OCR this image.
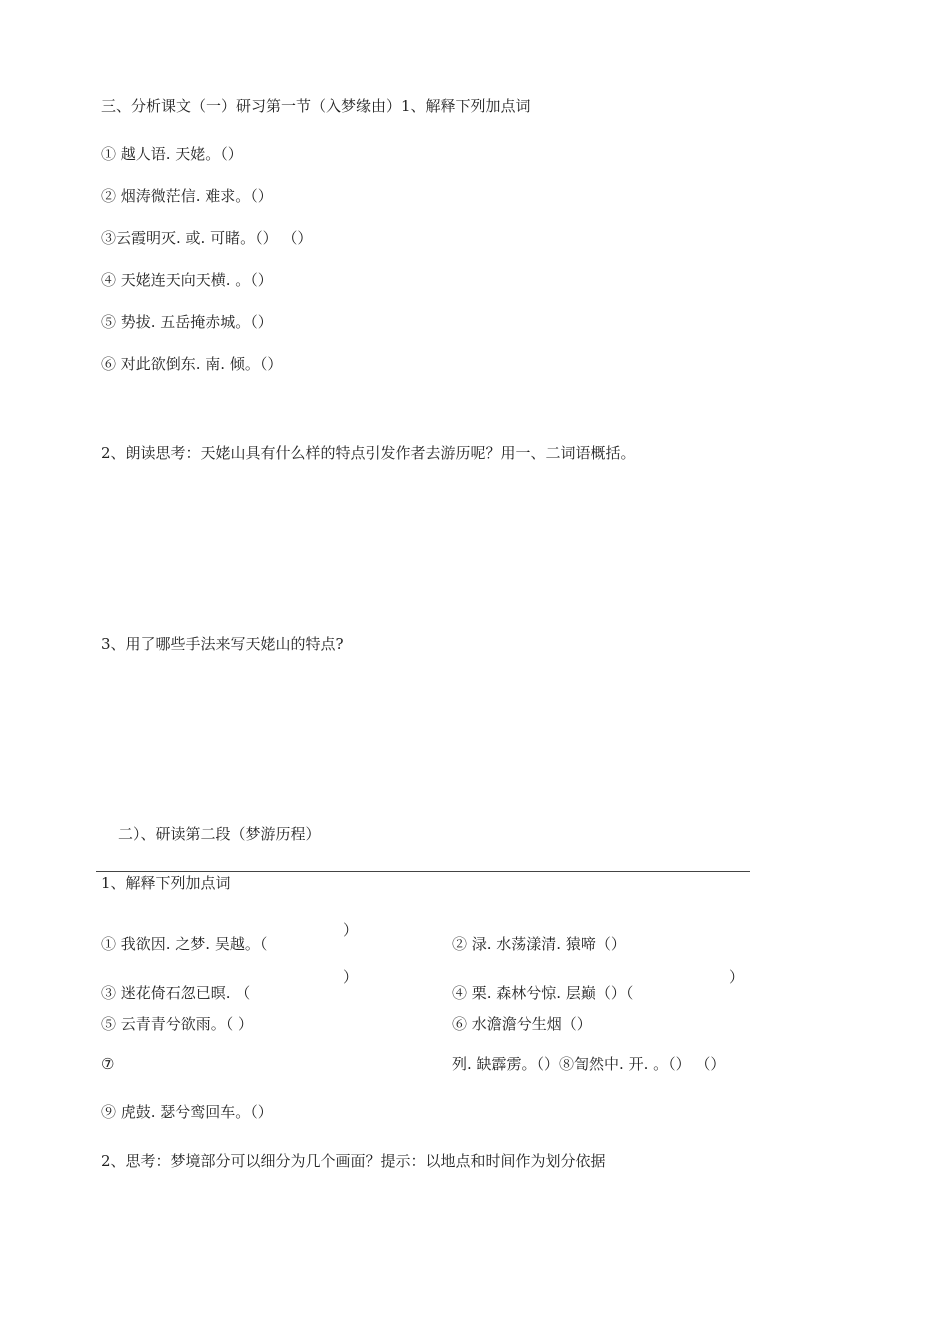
三、分析课文（一）研习第一节（入梦缘由）1、解释下列加点词
① 越人语. 天姥。（）
② 烟涛微茫信. 难求。（）
③云霞明灭. 或. 可睹。（） （）
④ 天姥连天向天横. 。（）
⑤ 势拔. 五岳掩赤城。（）
⑥ 对此欲倒东. 南. 倾。（）
2、朗读思考：天姥山具有什么样的特点引发作者去游历呢？用一、二词语概括。
3、用了哪些手法来写天姥山的特点?
二）、研读第二段（梦游历程）
1、解释下列加点词
）
① 我欲因. 之梦. 吴越。（	② 渌. 水荡漾清. 猿啼（）
）	）
③ 迷花倚石忽已暝. （	④ 栗. 森林兮惊. 层巅（）（
⑤ 云青青兮欲雨。（ ）	⑥ 水澹澹兮生烟（）
⑦	列. 缺霹雳。（）⑧訇然中. 开. 。（） （）
⑨ 虎鼓. 瑟兮鸾回车。（）
2、思考：梦境部分可以细分为几个画面？提示：以地点和时间作为划分依据
